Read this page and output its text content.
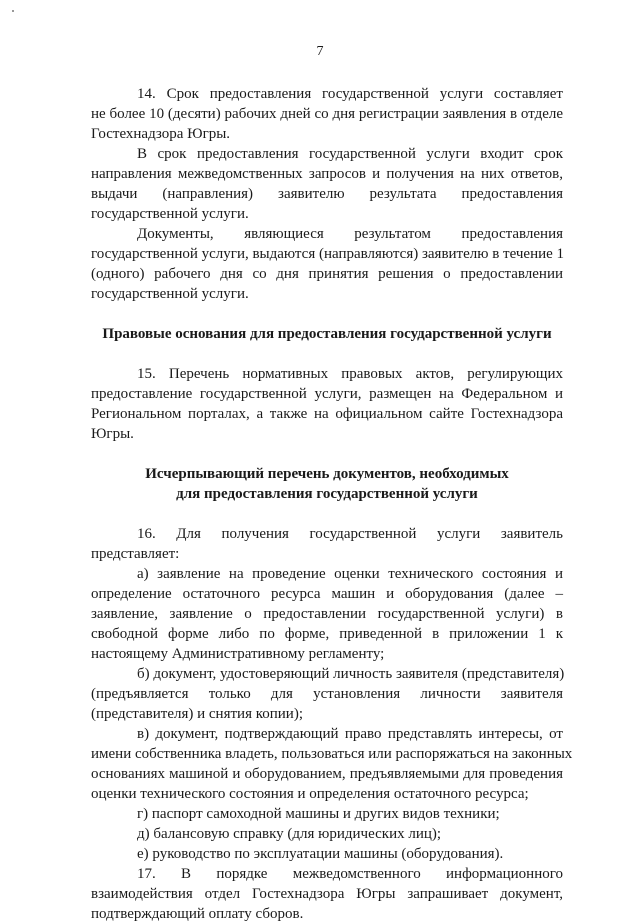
7
14. Срок предоставления государственной услуги составляет
не более 10 (десяти) рабочих дней со дня регистрации заявления в отделе
Гостехнадзора Югры.
В срок предоставления государственной услуги входит срок
направления межведомственных запросов и получения на них ответов,
выдачи (направления) заявителю результата предоставления
государственной услуги.
Документы, являющиеся результатом предоставления
государственной услуги, выдаются (направляются) заявителю в течение 1
(одного) рабочего дня со дня принятия решения о предоставлении
государственной услуги.
Правовые основания для предоставления государственной услуги
15. Перечень нормативных правовых актов, регулирующих
предоставление государственной услуги, размещен на Федеральном и
Региональном порталах, а также на официальном сайте Гостехнадзора
Югры.
Исчерпывающий перечень документов, необходимых
для предоставления государственной услуги
16. Для получения государственной услуги заявитель
представляет:
а) заявление на проведение оценки технического состояния и
определение остаточного ресурса машин и оборудования (далее –
заявление, заявление о предоставлении государственной услуги) в
свободной форме либо по форме, приведенной в приложении 1 к
настоящему Административному регламенту;
б) документ, удостоверяющий личность заявителя (представителя)
(предъявляется только для установления личности заявителя
(представителя) и снятия копии);
в) документ, подтверждающий право представлять интересы, от
имени собственника владеть, пользоваться или распоряжаться на законных
основаниях машиной и оборудованием, предъявляемыми для проведения
оценки технического состояния и определения остаточного ресурса;
г) паспорт самоходной машины и других видов техники;
д) балансовую справку (для юридических лиц);
е) руководство по эксплуатации машины (оборудования).
17. В порядке межведомственного информационного
взаимодействия отдел Гостехнадзора Югры запрашивает документ,
подтверждающий оплату сборов.
